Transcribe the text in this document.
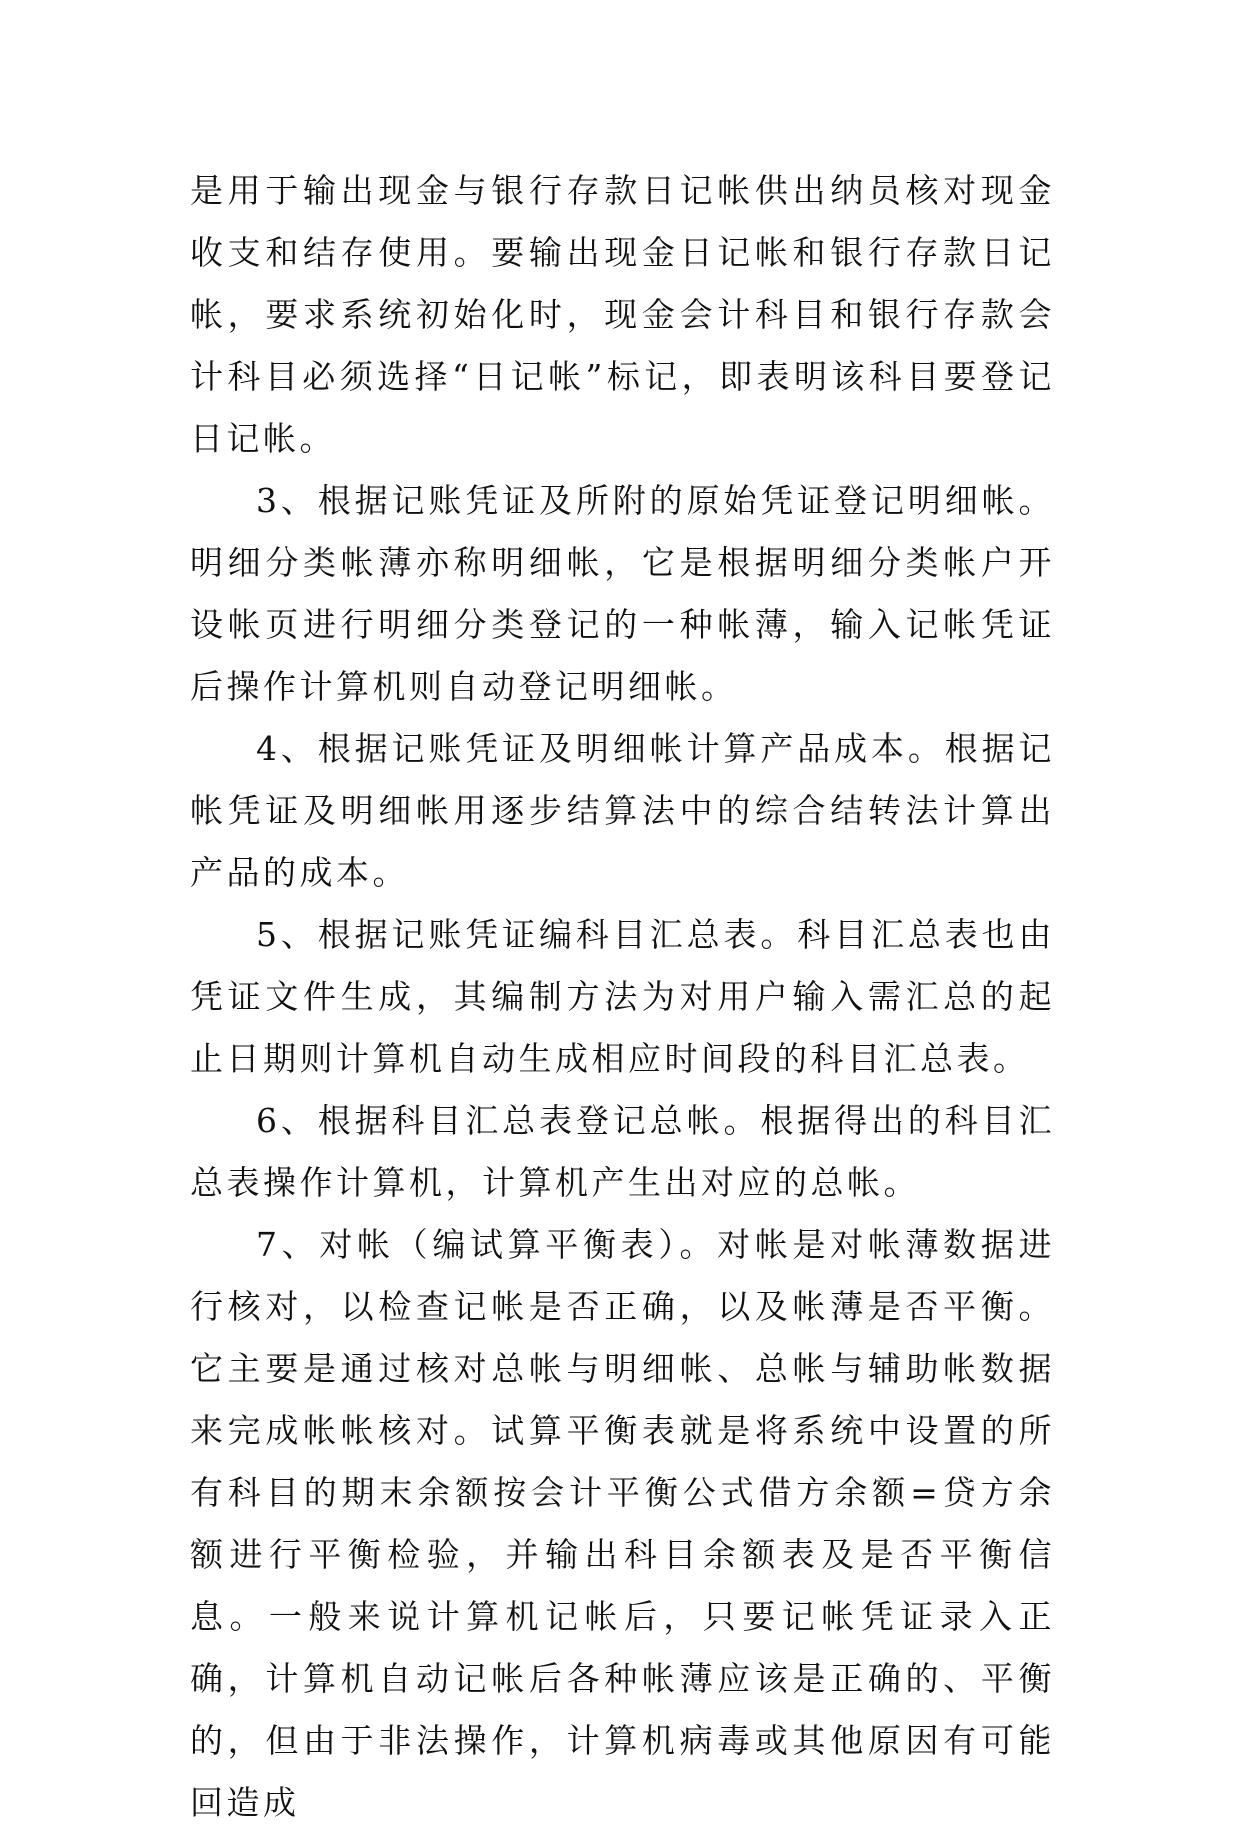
是用于输出现金与银行存款日记帐供出纳员核对现金收支和结存使用。要输出现金日记帐和银行存款日记帐，要求系统初始化时，现金会计科目和银行存款会计科目必须选择“日记帐”标记，即表明该科目要登记日记帐。

3、根据记账凭证及所附的原始凭证登记明细帐。明细分类帐薄亦称明细帐，它是根据明细分类帐户开设帐页进行明细分类登记的一种帐薄，输入记帐凭证后操作计算机则自动登记明细帐。

4、根据记账凭证及明细帐计算产品成本。根据记帐凭证及明细帐用逐步结算法中的综合结转法计算出产品的成本。

5、根据记账凭证编科目汇总表。科目汇总表也由凭证文件生成，其编制方法为对用户输入需汇总的起止日期则计算机自动生成相应时间段的科目汇总表。

6、根据科目汇总表登记总帐。根据得出的科目汇总表操作计算机，计算机产生出对应的总帐。

7、对帐（编试算平衡表）。对帐是对帐薄数据进行核对，以检查记帐是否正确，以及帐薄是否平衡。它主要是通过核对总帐与明细帐、总帐与辅助帐数据来完成帐帐核对。试算平衡表就是将系统中设置的所有科目的期末余额按会计平衡公式借方余额=贷方余额进行平衡检验，并输出科目余额表及是否平衡信息。一般来说计算机记帐后，只要记帐凭证录入正确，计算机自动记帐后各种帐薄应该是正确的、平衡的，但由于非法操作，计算机病毒或其他原因有可能回造成
